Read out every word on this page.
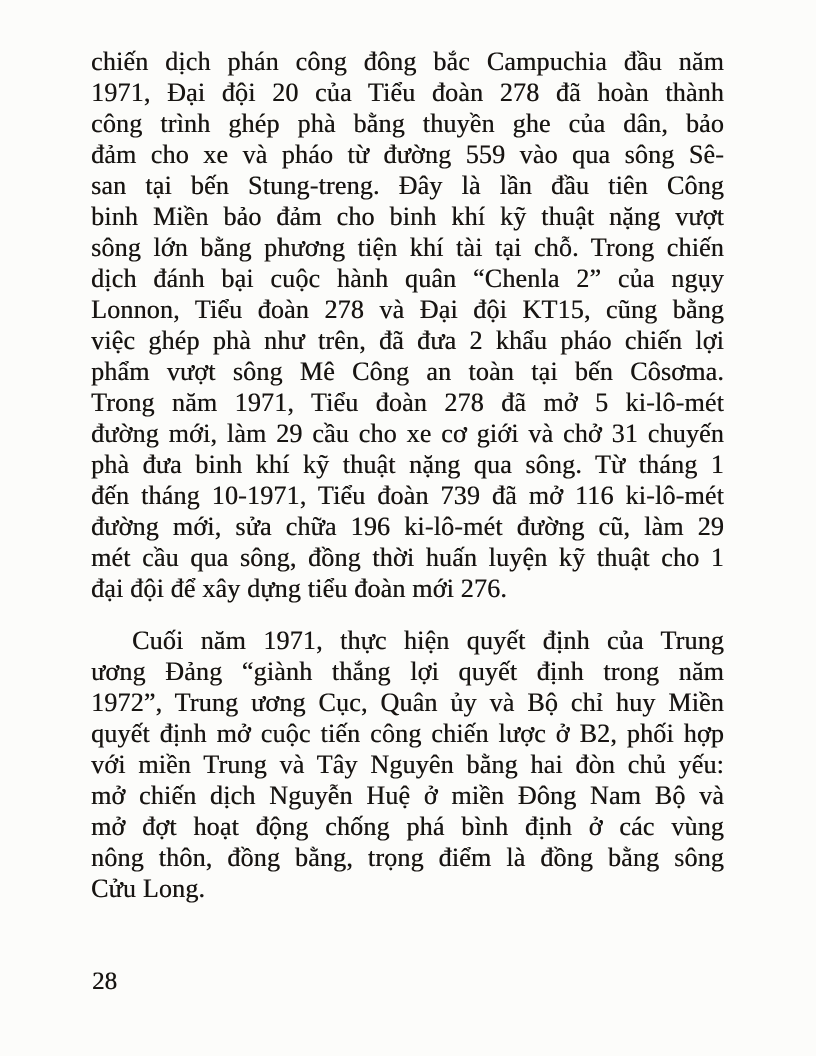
chiến dịch phán công đông bắc Campuchia đầu năm
1971, Đại đội 20 của Tiểu đoàn 278 đã hoàn thành
công trình ghép phà bằng thuyền ghe của dân, bảo
đảm cho xe và pháo từ đường 559 vào qua sông Sê-
san tại bến Stung-treng. Đây là lần đầu tiên Công
binh Miền bảo đảm cho binh khí kỹ thuật nặng vượt
sông lớn bằng phương tiện khí tài tại chỗ. Trong chiến
dịch đánh bại cuộc hành quân “Chenla 2” của ngụy
Lonnon, Tiểu đoàn 278 và Đại đội KT15, cũng bằng
việc ghép phà như trên, đã đưa 2 khẩu pháo chiến lợi
phẩm vượt sông Mê Công an toàn tại bến Côsơma.
Trong năm 1971, Tiểu đoàn 278 đã mở 5 ki-lô-mét
đường mới, làm 29 cầu cho xe cơ giới và chở 31 chuyến
phà đưa binh khí kỹ thuật nặng qua sông. Từ tháng 1
đến tháng 10-1971, Tiểu đoàn 739 đã mở 116 ki-lô-mét
đường mới, sửa chữa 196 ki-lô-mét đường cũ, làm 29
mét cầu qua sông, đồng thời huấn luyện kỹ thuật cho 1
đại đội để xây dựng tiểu đoàn mới 276.
Cuối năm 1971, thực hiện quyết định của Trung
ương Đảng “giành thắng lợi quyết định trong năm
1972”, Trung ương Cục, Quân ủy và Bộ chỉ huy Miền
quyết định mở cuộc tiến công chiến lược ở B2, phối hợp
với miền Trung và Tây Nguyên bằng hai đòn chủ yếu:
mở chiến dịch Nguyễn Huệ ở miền Đông Nam Bộ và
mở đợt hoạt động chống phá bình định ở các vùng
nông thôn, đồng bằng, trọng điểm là đồng bằng sông
Cửu Long.
28
